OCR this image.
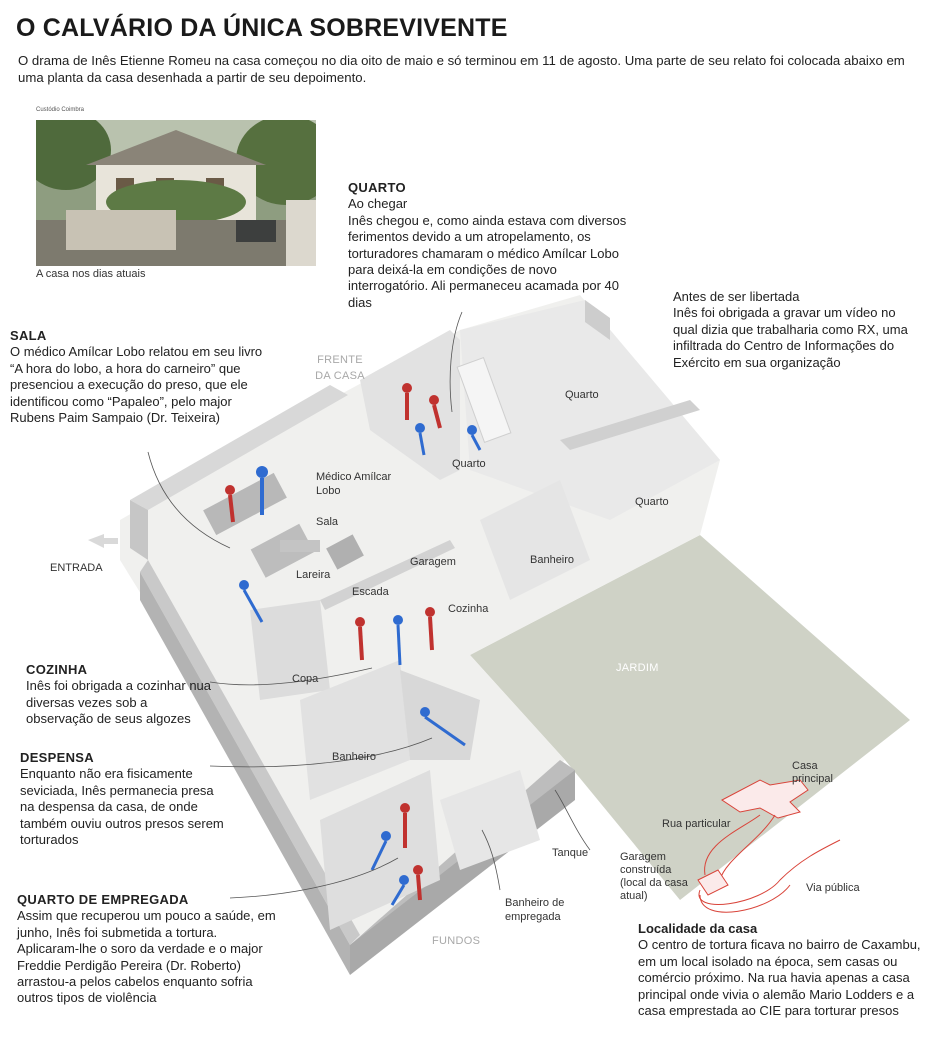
O CALVÁRIO DA ÚNICA SOBREVIVENTE
O drama de Inês Etienne Romeu na casa começou no dia oito de maio e só terminou em 11 de agosto. Uma parte de seu relato foi colocada abaixo em uma planta da casa desenhada a partir de seu depoimento.
Custódio Coimbra
A casa nos dias atuais
FRENTE DA CASA
ENTRADA
Médico Amílcar Lobo
Sala
Lareira
Escada
Garagem
Cozinha
Copa
Banheiro
Banheiro
Banheiro de empregada
Tanque
Quarto
Quarto
Quarto
JARDIM
FUNDOS
QUARTO
Ao chegar
Inês chegou e, como ainda estava com diversos ferimentos devido a um atropelamento, os torturadores chamaram o médico Amílcar Lobo para deixá-la em condições de novo interrogatório. Ali permaneceu acamada por 40 dias	Antes de ser libertada
Inês foi obrigada a gravar um vídeo no qual dizia que trabalharia como RX, uma infiltrada do Centro de Informações do Exército em sua organização
SALA
O médico Amílcar Lobo relatou em seu livro “A hora do lobo, a hora do carneiro” que presenciou a execução do preso, que ele identificou como “Papaleo”, pelo major Rubens Paim Sampaio (Dr. Teixeira)
COZINHA
Inês foi obrigada a cozinhar nua diversas vezes sob a observação de seus algozes
DESPENSA
Enquanto não era fisicamente seviciada, Inês permanecia presa na despensa da casa, de onde também ouviu outros presos serem torturados
QUARTO DE EMPREGADA
Assim que recuperou um pouco a saúde, em junho, Inês foi submetida a tortura. Aplicaram-lhe o soro da verdade e o major Freddie Perdigão Pereira (Dr. Roberto) arrastou-a pelos cabelos enquanto sofria outros tipos de violência
Localidade da casa
O centro de tortura ficava no bairro de Caxambu, em um local isolado na época, sem casas ou comércio próximo. Na rua havia apenas a casa principal onde vivia o alemão Mario Lodders e a casa emprestada ao CIE para torturar presos
Casa principal
Rua particular
Garagem construída (local da casa atual)
Via pública
